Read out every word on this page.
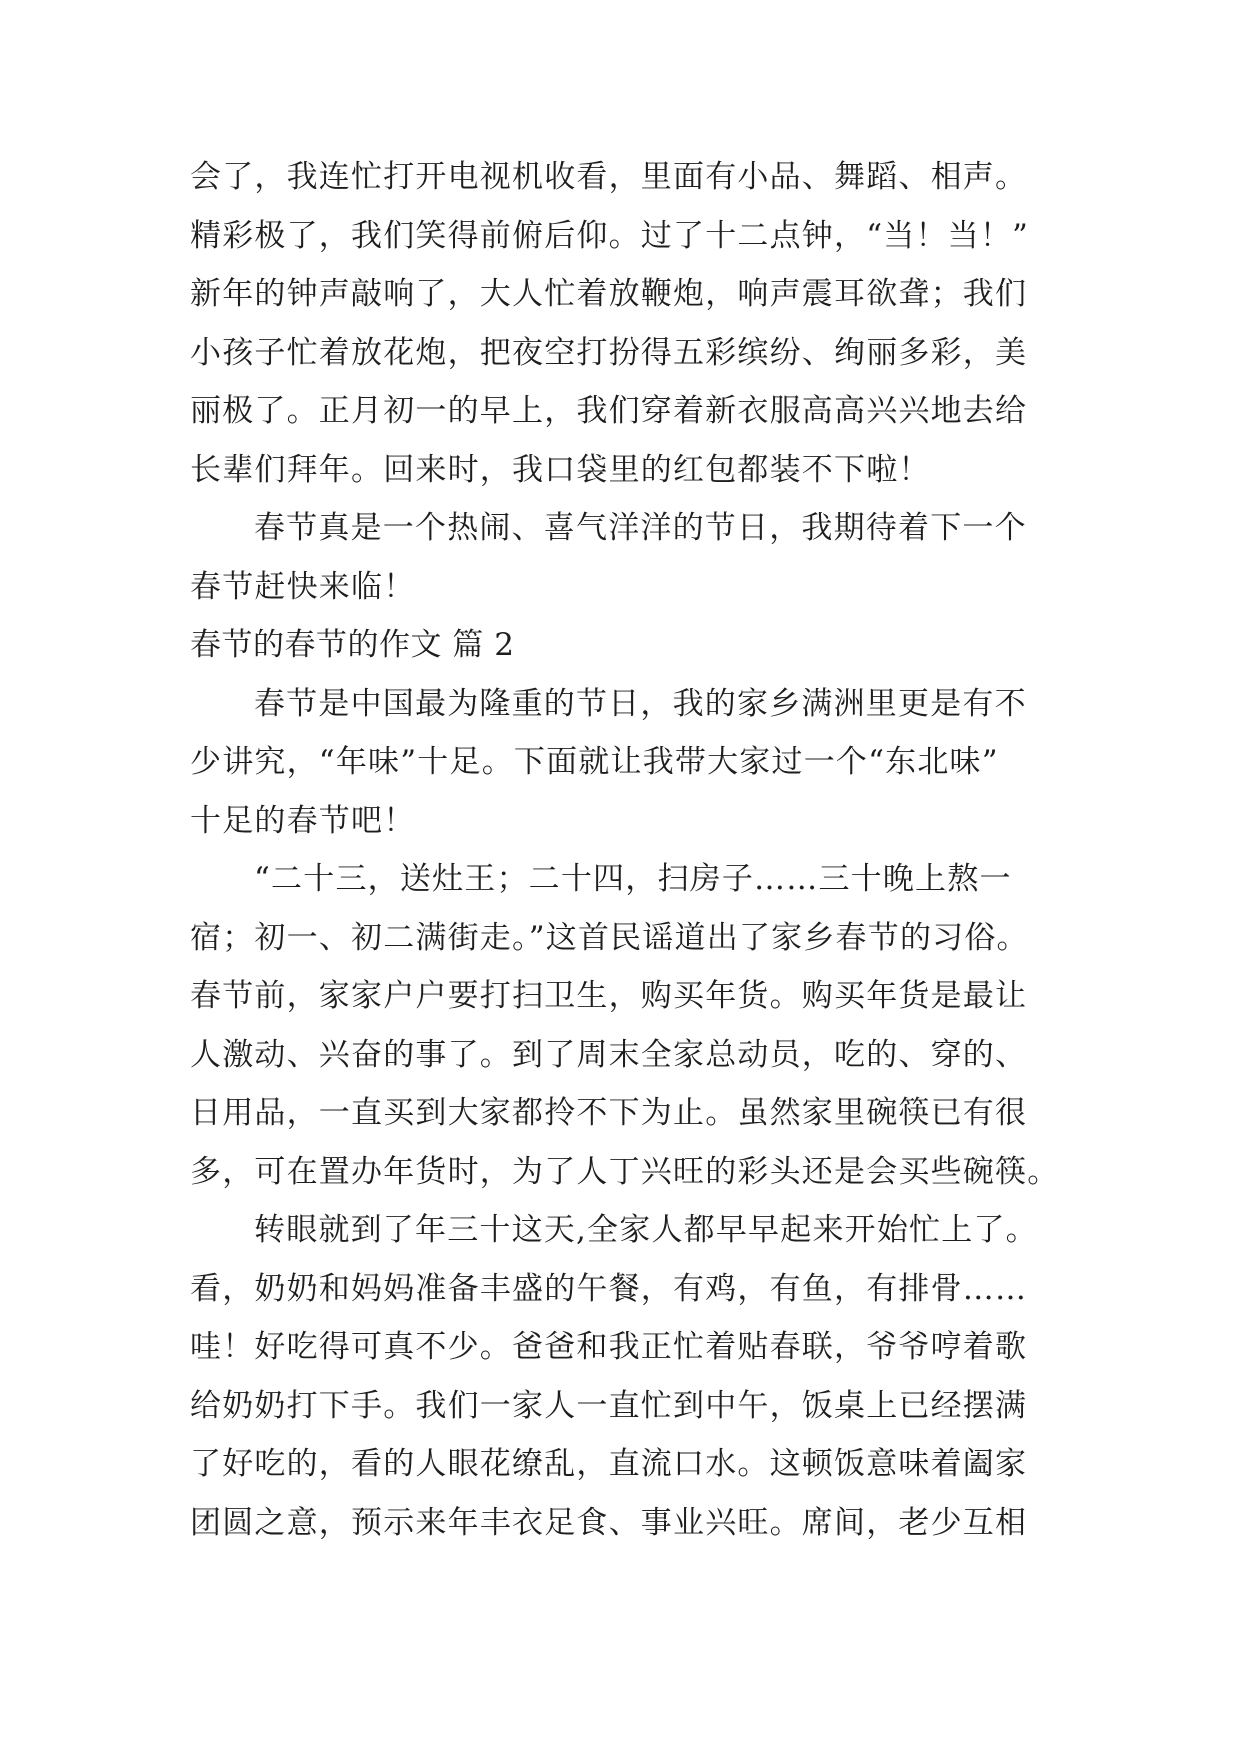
会了，我连忙打开电视机收看，里面有小品、舞蹈、相声。
精彩极了，我们笑得前俯后仰。过了十二点钟，“当！当！”
新年的钟声敲响了，大人忙着放鞭炮，响声震耳欲聋；我们
小孩子忙着放花炮，把夜空打扮得五彩缤纷、绚丽多彩，美
丽极了。正月初一的早上，我们穿着新衣服高高兴兴地去给
长辈们拜年。回来时，我口袋里的红包都装不下啦！
春节真是一个热闹、喜气洋洋的节日，我期待着下一个
春节赶快来临！
春节的春节的作文 篇 2
春节是中国最为隆重的节日，我的家乡满洲里更是有不
少讲究，“年味”十足。下面就让我带大家过一个“东北味”
十足的春节吧！
“二十三，送灶王；二十四，扫房子……三十晚上熬一
宿；初一、初二满街走。”这首民谣道出了家乡春节的习俗。
春节前，家家户户要打扫卫生，购买年货。购买年货是最让
人激动、兴奋的事了。到了周末全家总动员，吃的、穿的、
日用品，一直买到大家都拎不下为止。虽然家里碗筷已有很
多，可在置办年货时，为了人丁兴旺的彩头还是会买些碗筷。
转眼就到了年三十这天,全家人都早早起来开始忙上了。
看，奶奶和妈妈准备丰盛的午餐，有鸡，有鱼，有排骨……
哇！好吃得可真不少。爸爸和我正忙着贴春联，爷爷哼着歌
给奶奶打下手。我们一家人一直忙到中午，饭桌上已经摆满
了好吃的，看的人眼花缭乱，直流口水。这顿饭意味着阖家
团圆之意，预示来年丰衣足食、事业兴旺。席间，老少互相
